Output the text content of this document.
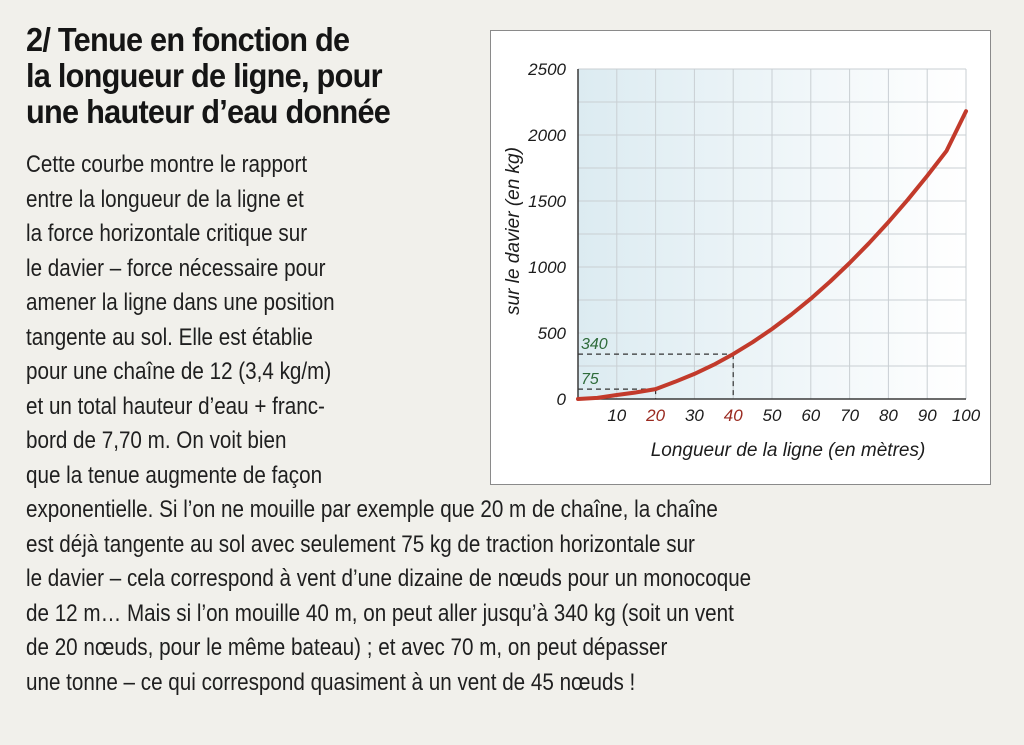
2/ Tenue en fonction de
la longueur de ligne, pour
une hauteur d’eau donnée
Cette courbe montre le rapport
entre la longueur de la ligne et
la force horizontale critique sur
le davier – force nécessaire pour
amener la ligne dans une position
tangente au sol. Elle est établie
pour une chaîne de 12 (3,4 kg/m)
et un total hauteur d’eau + franc-
bord de 7,70 m. On voit bien
que la tenue augmente de façon
exponentielle. Si l’on ne mouille par exemple que 20 m de chaîne, la chaîne
est déjà tangente au sol avec seulement 75 kg de traction horizontale sur
le davier – cela correspond à vent d’une dizaine de nœuds pour un monocoque
de 12 m… Mais si l’on mouille 40 m, on peut aller jusqu’à 340 kg (soit un vent
de 20 nœuds, pour le même bateau) ; et avec 70 m, on peut dépasser
une tonne – ce qui correspond quasiment à un vent de 45 nœuds !
0
10 20 30 40 50 60 70 80 90 100
500
1000
1500
2000
2500
75
340
Longueur de la ligne (en mètres)
sur le davier (en kg)
